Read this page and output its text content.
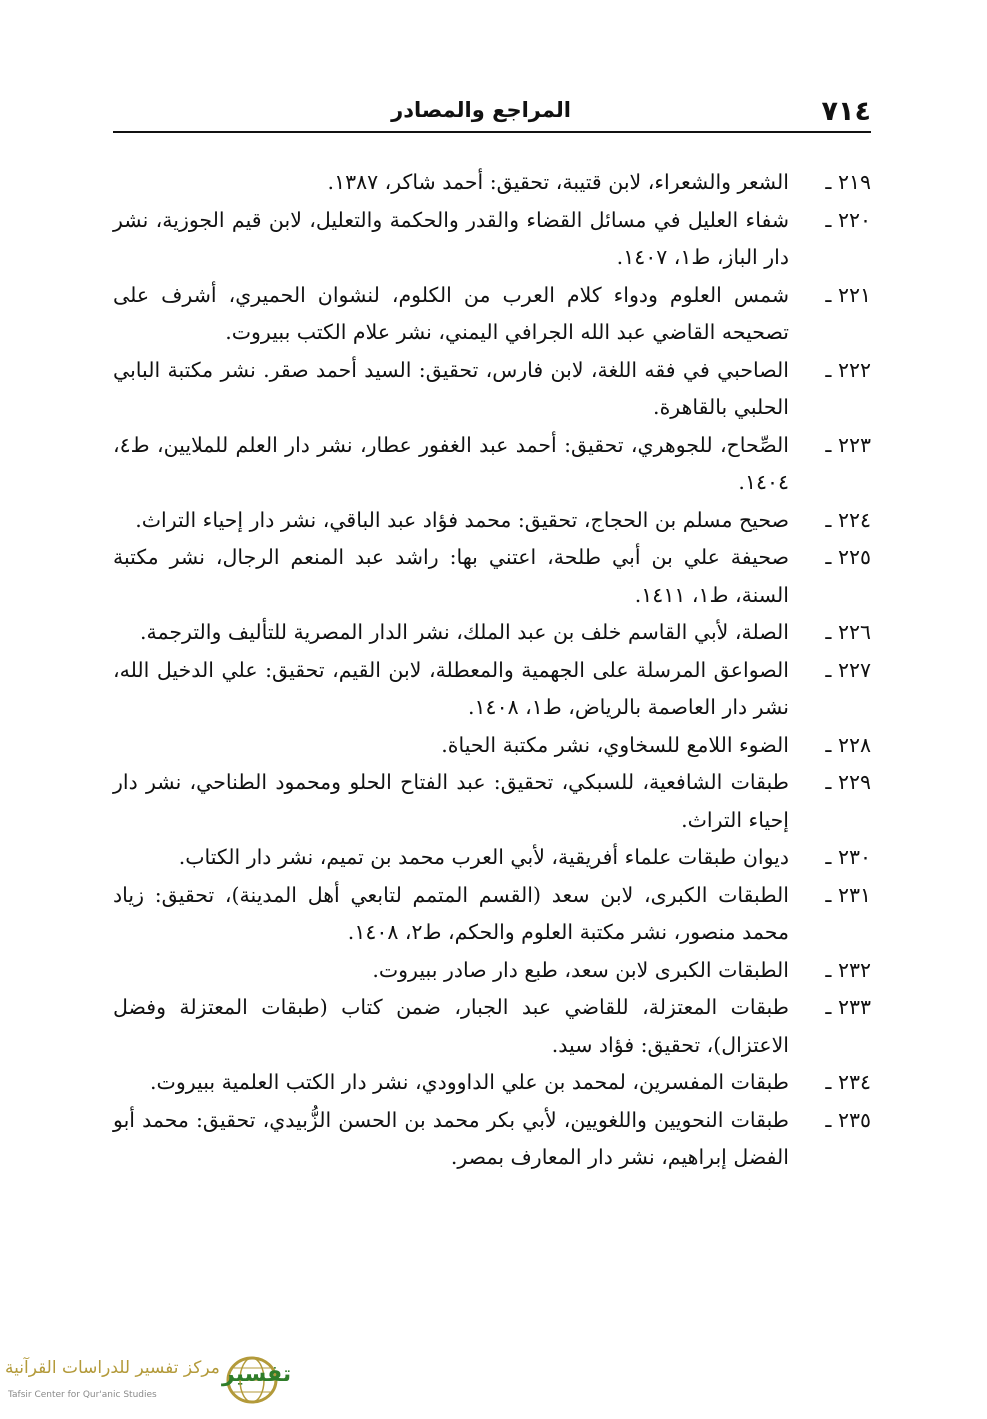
٧١٤
المراجع والمصادر
٢١٩ ـ
الشعر والشعراء، لابن قتيبة، تحقيق: أحمد شاكر، ١٣٨٧.
٢٢٠ ـ
شفاء العليل في مسائل القضاء والقدر والحكمة والتعليل، لابن قيم الجوزية، نشر دار الباز، ط١، ١٤٠٧.
٢٢١ ـ
شمس العلوم ودواء كلام العرب من الكلوم، لنشوان الحميري، أشرف على تصحيحه القاضي عبد الله الجرافي اليمني، نشر علام الكتب ببيروت.
٢٢٢ ـ
الصاحبي في فقه اللغة، لابن فارس، تحقيق: السيد أحمد صقر. نشر مكتبة البابي الحلبي بالقاهرة.
٢٢٣ ـ
الصِّحاح، للجوهري، تحقيق: أحمد عبد الغفور عطار، نشر دار العلم للملايين، ط٤، ١٤٠٤.
٢٢٤ ـ
صحيح مسلم بن الحجاج، تحقيق: محمد فؤاد عبد الباقي، نشر دار إحياء التراث.
٢٢٥ ـ
صحيفة علي بن أبي طلحة، اعتني بها: راشد عبد المنعم الرجال، نشر مكتبة السنة، ط١، ١٤١١.
٢٢٦ ـ
الصلة، لأبي القاسم خلف بن عبد الملك، نشر الدار المصرية للتأليف والترجمة.
٢٢٧ ـ
الصواعق المرسلة على الجهمية والمعطلة، لابن القيم، تحقيق: علي الدخيل الله، نشر دار العاصمة بالرياض، ط١، ١٤٠٨.
٢٢٨ ـ
الضوء اللامع للسخاوي، نشر مكتبة الحياة.
٢٢٩ ـ
طبقات الشافعية، للسبكي، تحقيق: عبد الفتاح الحلو ومحمود الطناحي، نشر دار إحياء التراث.
٢٣٠ ـ
ديوان طبقات علماء أفريقية، لأبي العرب محمد بن تميم، نشر دار الكتاب.
٢٣١ ـ
الطبقات الكبرى، لابن سعد (القسم المتمم لتابعي أهل المدينة)، تحقيق: زياد محمد منصور، نشر مكتبة العلوم والحكم، ط٢، ١٤٠٨.
٢٣٢ ـ
الطبقات الكبرى لابن سعد، طبع دار صادر ببيروت.
٢٣٣ ـ
طبقات المعتزلة، للقاضي عبد الجبار، ضمن كتاب (طبقات المعتزلة وفضل الاعتزال)، تحقيق: فؤاد سيد.
٢٣٤ ـ
طبقات المفسرين، لمحمد بن علي الداوودي، نشر دار الكتب العلمية ببيروت.
٢٣٥ ـ
طبقات النحويين واللغويين، لأبي بكر محمد بن الحسن الزُّبيدي، تحقيق: محمد أبو الفضل إبراهيم، نشر دار المعارف بمصر.
تفسير
مركز تفسير للدراسات القرآنية
Tafsir Center for Qur'anic Studies
